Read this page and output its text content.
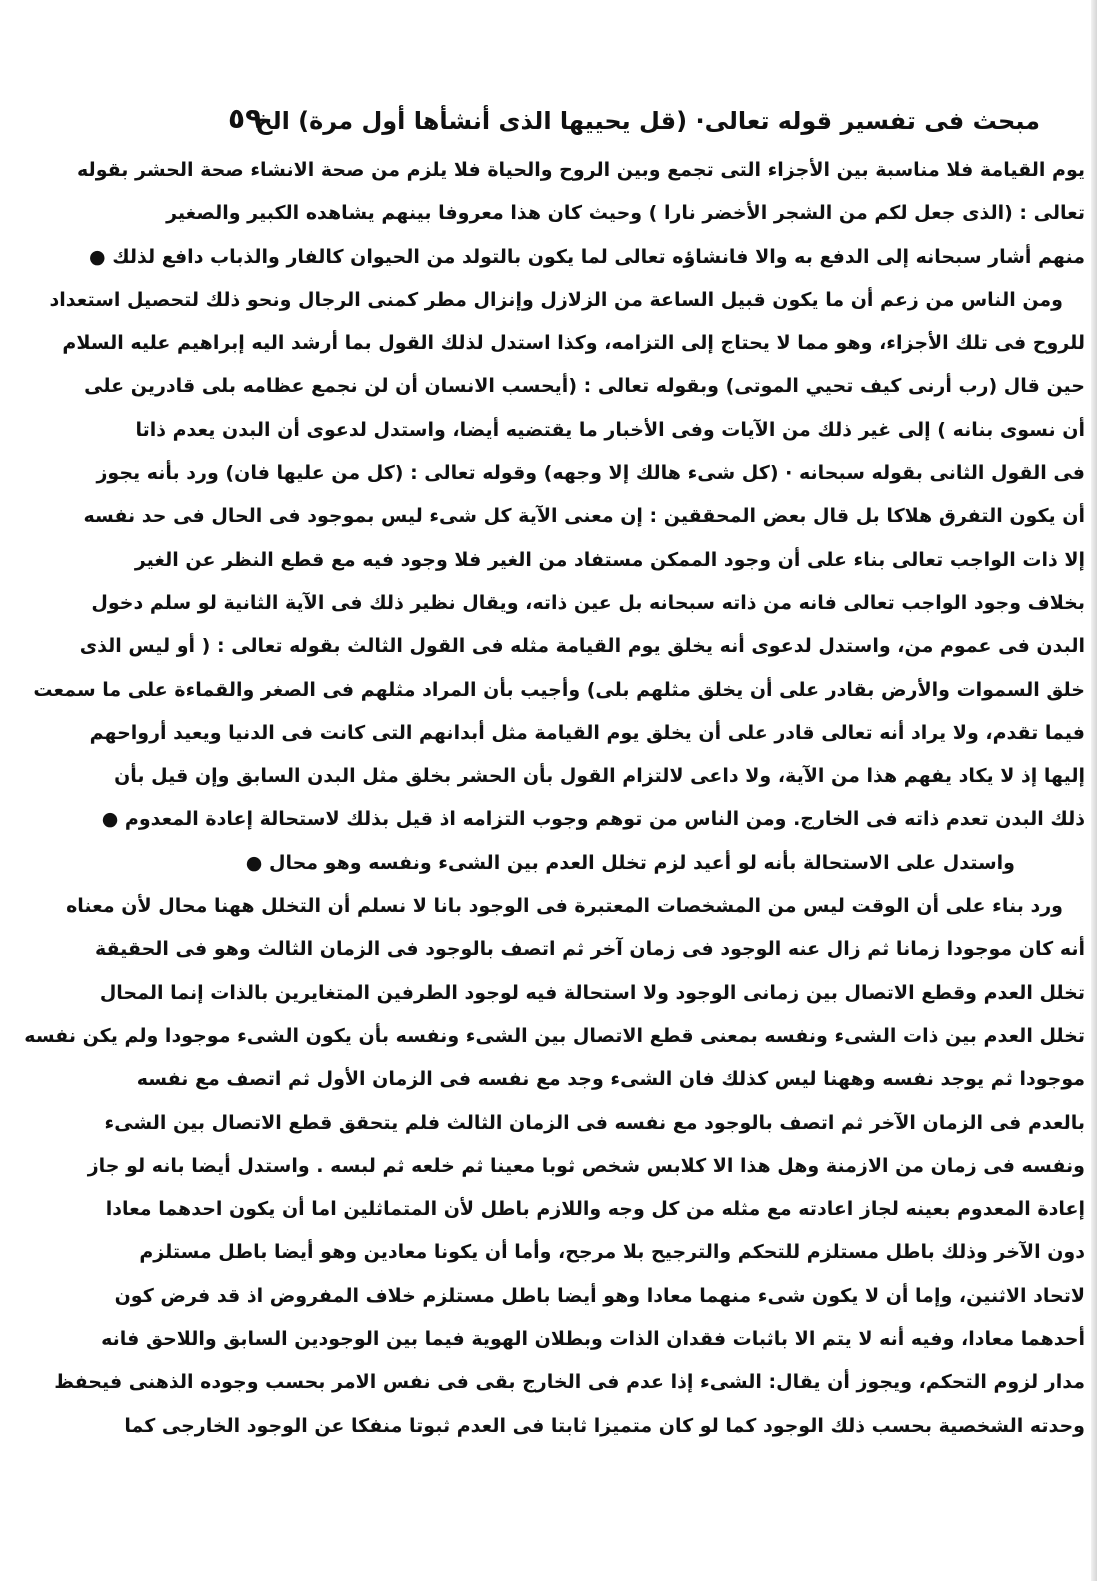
مبحث فى تفسير قوله تعالى· (قل يحييها الذى أنشأها أول مرة) الخ
٥٩
يوم القيامة فلا مناسبة بين الأجزاء التى تجمع وبين الروح والحياة فلا يلزم من صحة الانشاء صحة الحشر بقوله
تعالى : (الذى جعل لكم من الشجر الأخضر نارا ) وحيث كان هذا معروفا بينهم يشاهده الكبير والصغير
منهم أشار سبحانه إلى الدفع به والا فانشاؤه تعالى لما يكون بالتولد من الحيوان كالفار والذباب دافع لذلك ●
ومن الناس من زعم أن ما يكون قبيل الساعة من الزلازل وإنزال مطر كمنى الرجال ونحو ذلك لتحصيل استعداد
للروح فى تلك الأجزاء، وهو مما لا يحتاج إلى التزامه، وكذا استدل لذلك القول بما أرشد اليه إبراهيم عليه السلام
حين قال (رب أرنى كيف تحيي الموتى) وبقوله تعالى : (أيحسب الانسان أن لن نجمع عظامه بلى قادرين على
أن نسوى بنانه ) إلى غير ذلك من الآيات وفى الأخبار ما يقتضيه أيضا، واستدل لدعوى أن البدن يعدم ذاتا
فى القول الثانى بقوله سبحانه · (كل شىء هالك إلا وجهه) وقوله تعالى : (كل من عليها فان) ورد بأنه يجوز
أن يكون التفرق هلاكا بل قال بعض المحققين : إن معنى الآية كل شىء ليس بموجود فى الحال فى حد نفسه
إلا ذات الواجب تعالى بناء على أن وجود الممكن مستفاد من الغير فلا وجود فيه مع قطع النظر عن الغير
بخلاف وجود الواجب تعالى فانه من ذاته سبحانه بل عين ذاته، ويقال نظير ذلك فى الآية الثانية لو سلم دخول
البدن فى عموم من، واستدل لدعوى أنه يخلق يوم القيامة مثله فى القول الثالث بقوله تعالى : ( أو ليس الذى
خلق السموات والأرض بقادر على أن يخلق مثلهم بلى) وأجيب بأن المراد مثلهم فى الصغر والقماءة على ما سمعت
فيما تقدم، ولا يراد أنه تعالى قادر على أن يخلق يوم القيامة مثل أبدانهم التى كانت فى الدنيا ويعيد أرواحهم
إليها إذ لا يكاد يفهم هذا من الآية، ولا داعى لالتزام القول بأن الحشر بخلق مثل البدن السابق وإن قيل بأن
ذلك البدن تعدم ذاته فى الخارج. ومن الناس من توهم وجوب التزامه اذ قيل بذلك لاستحالة إعادة المعدوم ●
واستدل على الاستحالة بأنه لو أعيد لزم تخلل العدم بين الشىء ونفسه وهو محال ●
ورد بناء على أن الوقت ليس من المشخصات المعتبرة فى الوجود بانا لا نسلم أن التخلل ههنا محال لأن معناه
أنه كان موجودا زمانا ثم زال عنه الوجود فى زمان آخر ثم اتصف بالوجود فى الزمان الثالث وهو فى الحقيقة
تخلل العدم وقطع الاتصال بين زمانى الوجود ولا استحالة فيه لوجود الطرفين المتغايرين بالذات إنما المحال
تخلل العدم بين ذات الشىء ونفسه بمعنى قطع الاتصال بين الشىء ونفسه بأن يكون الشىء موجودا ولم يكن نفسه
موجودا ثم يوجد نفسه وههنا ليس كذلك فان الشىء وجد مع نفسه فى الزمان الأول ثم اتصف مع نفسه
بالعدم فى الزمان الآخر ثم اتصف بالوجود مع نفسه فى الزمان الثالث فلم يتحقق قطع الاتصال بين الشىء
ونفسه فى زمان من الازمنة وهل هذا الا كلابس شخص ثوبا معينا ثم خلعه ثم لبسه . واستدل أيضا بانه لو جاز
إعادة المعدوم بعينه لجاز اعادته مع مثله من كل وجه واللازم باطل لأن المتماثلين اما أن يكون احدهما معادا
دون الآخر وذلك باطل مستلزم للتحكم والترجيح بلا مرجح، وأما أن يكونا معادين وهو أيضا باطل مستلزم
لاتحاد الاثنين، وإما أن لا يكون شىء منهما معادا وهو أيضا باطل مستلزم خلاف المفروض اذ قد فرض كون
أحدهما معادا، وفيه أنه لا يتم الا باثبات فقدان الذات وبطلان الهوية فيما بين الوجودين السابق واللاحق فانه
مدار لزوم التحكم، ويجوز أن يقال: الشىء إذا عدم فى الخارج بقى فى نفس الامر بحسب وجوده الذهنى فيحفظ
وحدته الشخصية بحسب ذلك الوجود كما لو كان متميزا ثابتا فى العدم ثبوتا منفكا عن الوجود الخارجى كما
